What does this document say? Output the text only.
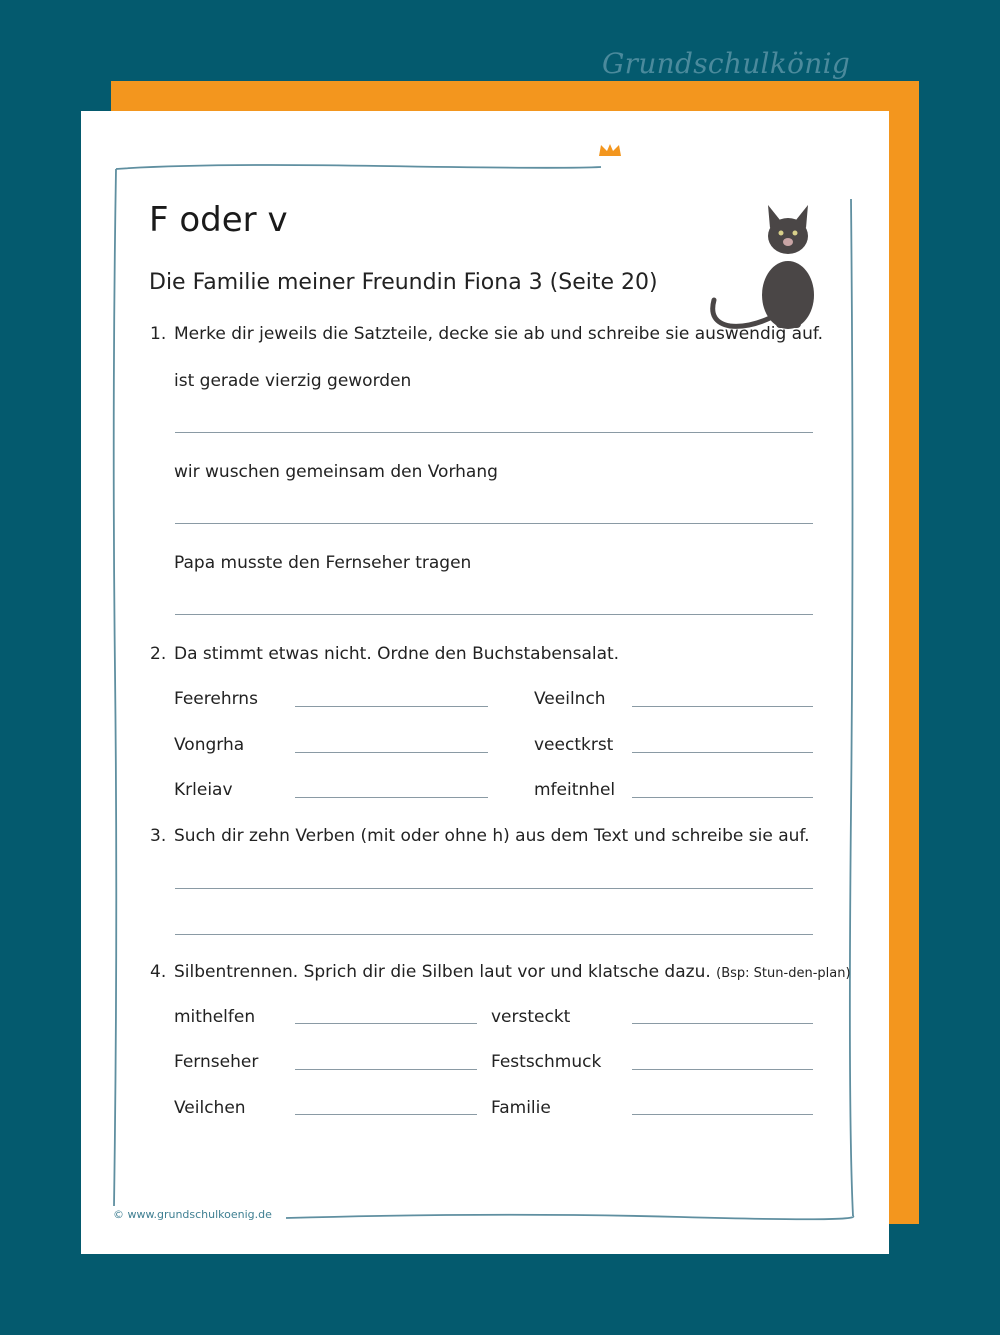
Grundschulkönig
F oder v
Die Familie meiner Freundin Fiona 3 (Seite 20)
1. Merke dir jeweils die Satzteile, decke sie ab und schreibe sie auswendig auf.
ist gerade vierzig geworden
wir wuschen gemeinsam den Vorhang
Papa musste den Fernseher tragen
2. Da stimmt etwas nicht. Ordne den Buchstabensalat.
Feerehrns	Veeilnch
Vongrha	veectkrst
Krleiav	mfeitnhel
3. Such dir zehn Verben (mit oder ohne h) aus dem Text und schreibe sie auf.
4. Silbentrennen. Sprich dir die Silben laut vor und klatsche dazu. (Bsp: Stun-den-plan)
mithelfen	versteckt
Fernseher	Festschmuck
Veilchen	Familie
© www.grundschulkoenig.de
